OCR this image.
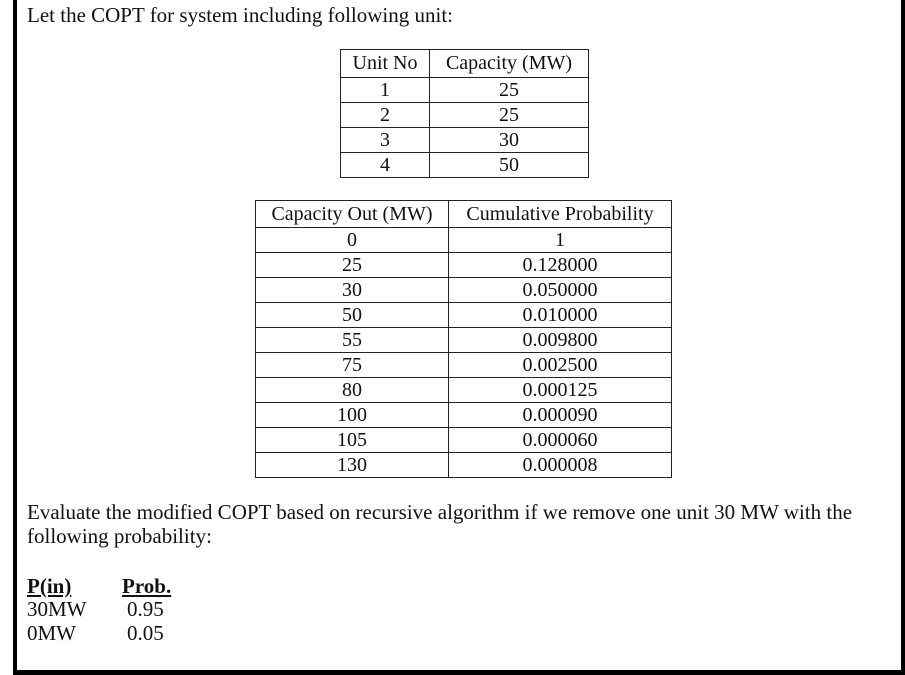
Let the COPT for system including following unit:
Unit No	Capacity (MW)
1	25
2	25
3	30
4	50
Capacity Out (MW)	Cumulative Probability
0	1
25	0.128000
30	0.050000
50	0.010000
55	0.009800
75	0.002500
80	0.000125
100	0.000090
105	0.000060
130	0.000008
Evaluate the modified COPT based on recursive algorithm if we remove one unit 30 MW with the following probability:
P(in) Prob.
30MW 0.95
0MW 0.05
